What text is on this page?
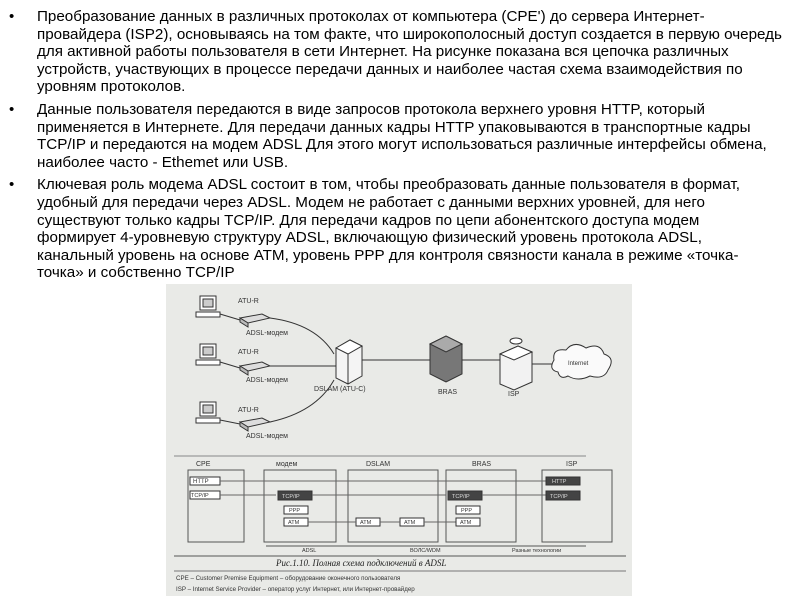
• Преобразование данных в различных протоколах от компьютера (CPE') до сервера Интернет-провайдера (ISP2), основываясь на том факте, что широкополосный доступ создается в первую очередь для активной работы пользователя в сети Интернет. На рисунке показана вся цепочка различных устройств, участвующих в процессе передачи данных и наиболее частая схема взаимодействия по уровням протоколов.
• Данные пользователя передаются в виде запросов протокола верхнего уровня HTTP, который применяется в Интернете. Для передачи данных кадры HTTP упаковываются в транспортные кадры TCP/IP и передаются на модем ADSL Для этого могут использоваться различные интерфейсы обмена, наиболее часто - Ethemet или USB.
• Ключевая роль модема ADSL состоит в том, чтобы преобразовать данные пользователя в формат, удобный для передачи через ADSL. Модем не работает с данными верхних уровней, для него существуют только кадры TCP/IP. Для передачи кадров по цепи абонентского доступа модем формирует 4-уровневую структуру ADSL, включающую физический уровень протокола ADSL, канальный уровень на основе АТМ, уровень РРР для контроля связности канала в режиме «точка-точка» и собственно TCP/IP
ATU-R
ADSL-модем
ATU-R
ADSL-модем
ATU-R
ADSL-модем
DSLAM (ATU-C)	BRAS	ISP
Internet
CPE	модем	DSLAM	BRAS	ISP
HTTP
TCP/IP	TCP/IP
PPP
ATM	ATM	ATM
TCP/IP
PPP
ATM
HTTP
TCP/IP
ADSL	ВОЛС/WDM	Разные технологии
Рис.1.10. Полная схема подключений в ADSL
CPE – Customer Premise Equipment – оборудование оконечного пользователя
ISP – Internet Service Provider – оператор услуг Интернет, или Интернет-провайдер
